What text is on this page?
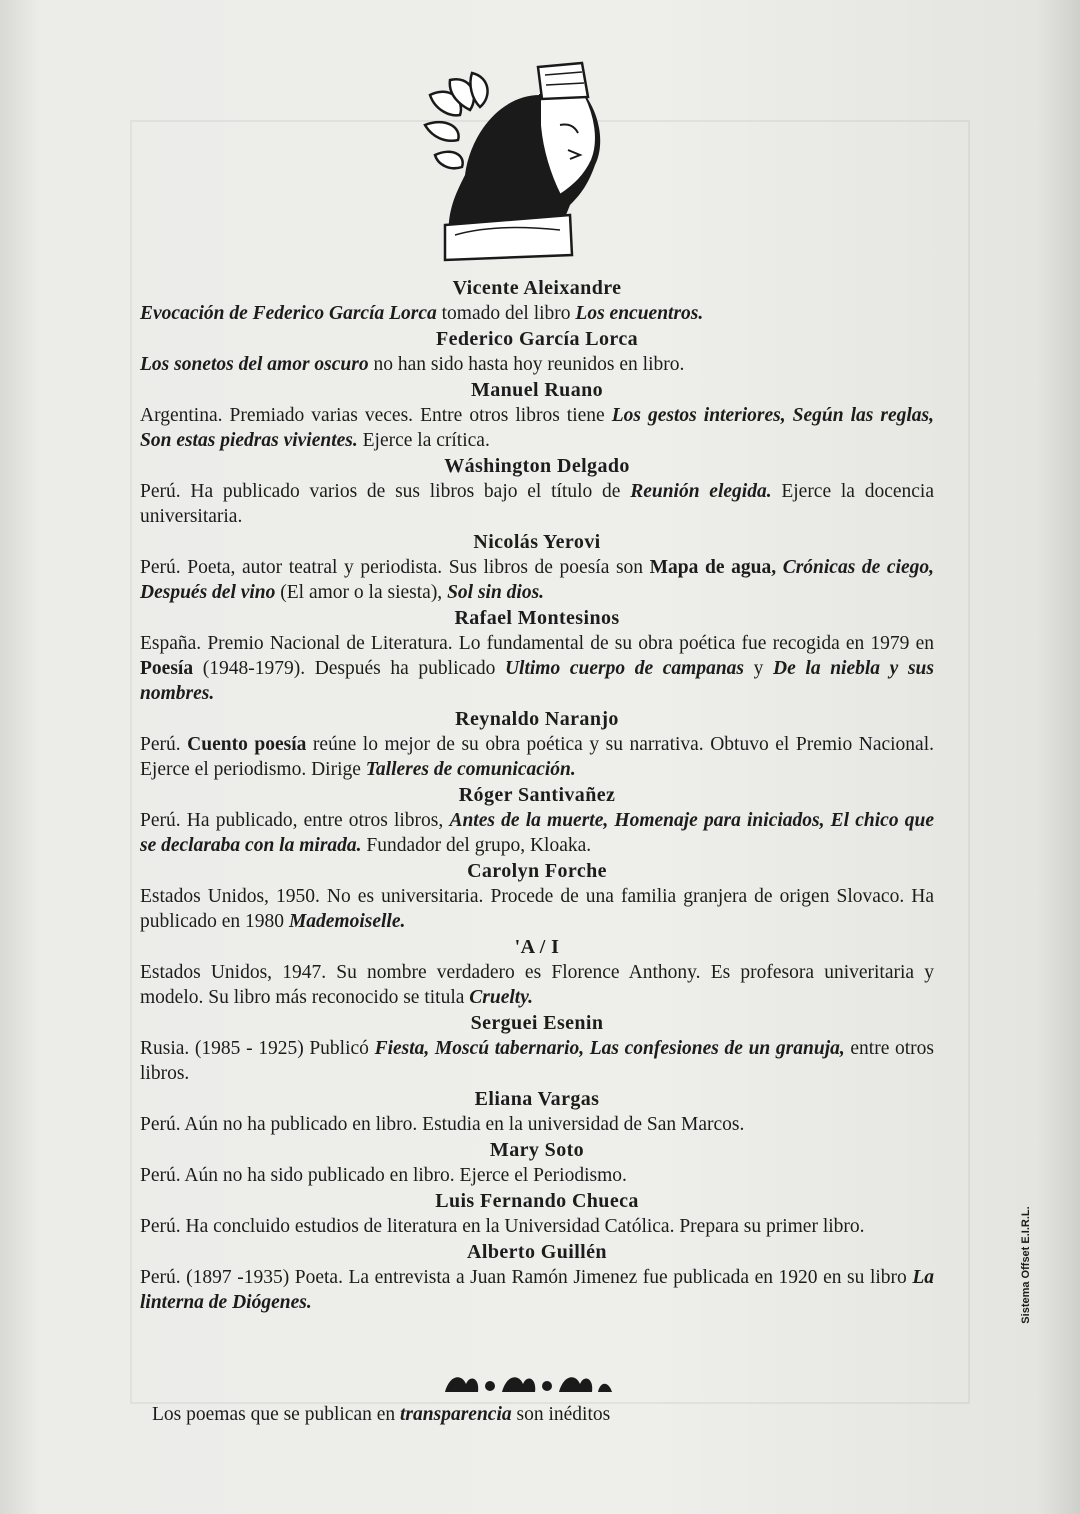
Vicente Aleixandre
Evocación de Federico García Lorca tomado del libro Los encuentros.
Federico García Lorca
Los sonetos del amor oscuro no han sido hasta hoy reunidos en libro.
Manuel Ruano
Argentina. Premiado varias veces. Entre otros libros tiene Los gestos interiores, Según las reglas, Son estas piedras vivientes. Ejerce la crítica.
Wáshington Delgado
Perú. Ha publicado varios de sus libros bajo el título de Reunión elegida. Ejerce la docencia universitaria.
Nicolás Yerovi
Perú. Poeta, autor teatral y periodista. Sus libros de poesía son Mapa de agua, Crónicas de ciego, Después del vino (El amor o la siesta), Sol sin dios.
Rafael Montesinos
España. Premio Nacional de Literatura. Lo fundamental de su obra poética fue recogida en 1979 en Poesía (1948-1979). Después ha publicado Ultimo cuerpo de campanas y De la niebla y sus nombres.
Reynaldo Naranjo
Perú. Cuento poesía reúne lo mejor de su obra poética y su narrativa. Obtuvo el Premio Nacional. Ejerce el periodismo. Dirige Talleres de comunicación.
Róger Santivañez
Perú. Ha publicado, entre otros libros, Antes de la muerte, Homenaje para iniciados, El chico que se declaraba con la mirada. Fundador del grupo, Kloaka.
Carolyn Forche
Estados Unidos, 1950. No es universitaria. Procede de una familia granjera de origen Slovaco. Ha publicado en 1980 Mademoiselle.
'A / I
Estados Unidos, 1947. Su nombre verdadero es Florence Anthony. Es profesora univeritaria y modelo. Su libro más reconocido se titula Cruelty.
Serguei Esenin
Rusia. (1985 - 1925) Publicó Fiesta, Moscú tabernario, Las confesiones de un granuja, entre otros libros.
Eliana Vargas
Perú. Aún no ha publicado en libro. Estudia en la universidad de San Marcos.
Mary Soto
Perú. Aún no ha sido publicado en libro. Ejerce el Periodismo.
Luis Fernando Chueca
Perú. Ha concluido estudios de literatura en la Universidad Católica. Prepara su primer libro.
Alberto Guillén
Perú. (1897 -1935) Poeta. La entrevista a Juan Ramón Jimenez fue publicada en 1920 en su libro La linterna de Diógenes.
Los poemas que se publican en transparencia son inéditos
Sistema Offset E.I.R.L.
